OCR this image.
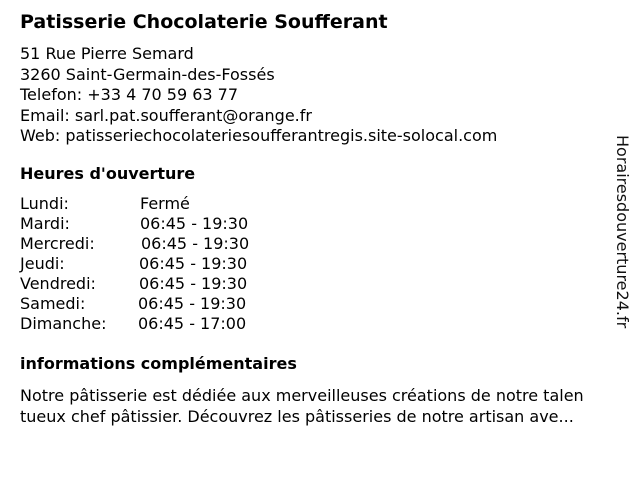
Patisserie Chocolaterie Soufferant
51 Rue Pierre Semard
3260 Saint-Germain-des-Fossés
Telefon: +33 4 70 59 63 77
Email: sarl.pat.soufferant@orange.fr
Web: patisseriechocolateriesoufferantregis.site-solocal.com
Heures d'ouverture
Lundi:	Fermé
Mardi:	06:45 - 19:30
Mercredi:	06:45 - 19:30
Jeudi:	06:45 - 19:30
Vendredi:	06:45 - 19:30
Samedi:	06:45 - 19:30
Dimanche: 06:45 - 17:00
informations complémentaires
Notre pâtisserie est dédiée aux merveilleuses créations de notre talen
tueux chef pâtissier. Découvrez les pâtisseries de notre artisan ave...
Horairesdouverture24.fr
